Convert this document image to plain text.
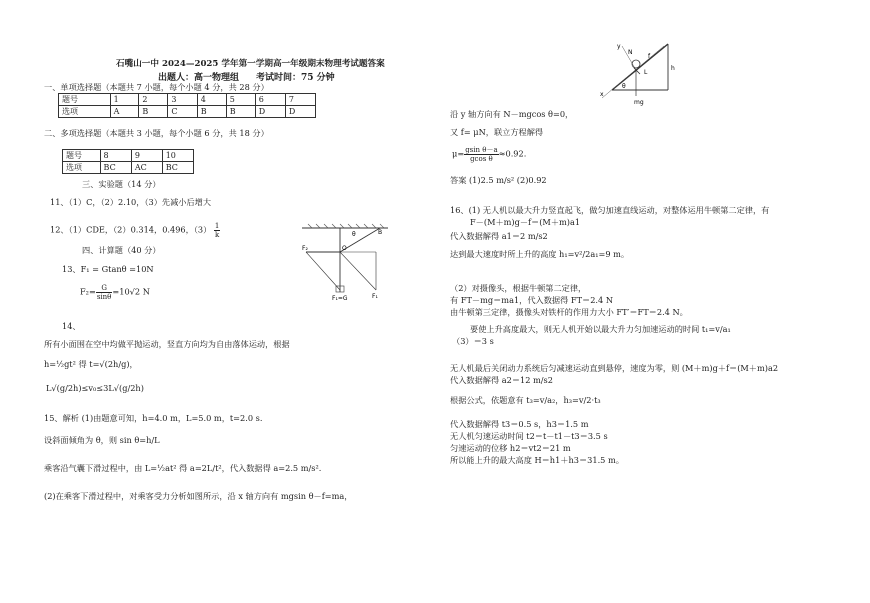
石嘴山一中 2024—2025 学年第一学期高一年级期末物理考试题答案
出题人：高一物理组 考试时间：75 分钟
一、单项选择题（本题共 7 小题，每个小题 4 分，共 28 分）
题号	1	2	3	4	5	6	7
选项	A	B	C	B	B	D	D
二、多项选择题（本题共 3 小题，每个小题 6 分，共 18 分）
题号	8	9	10
选项	BC	AC	BC
三、实验题（14 分）
11、（1）C，（2）2.10，（3）先减小后增大
12、（1）CDE，（2）0.314，0.496，$(3) \frac{1}{k}$
四、计算题（40 分）
13、F₁ = Gtanθ =10N
$F_2= \frac{G}{\sin\theta} =10√2$ N
14、
所有小面围在空中均做平抛运动，竖直方向均为自由落体运动，根据
h=½gt² 得 t=√(2h/g)，
L√(g/2h)≤v₀≤3L√(g/2h)
15、解析 (1)由题意可知，h=4.0 m，L=5.0 m，t=2.0 s.
设斜面倾角为 θ，则 sin θ=h/L
乘客沿气囊下滑过程中，由 L=½at² 得 a=2L/t²，代入数据得 a=2.5 m/s².
(2)在乘客下滑过程中，对乘客受力分析如图所示，沿 x 轴方向有 mgsin θ－f=ma，
θ
F₂	O
B
F₁=G	F₁
y
N
f
L
h
x
θ
mg
沿 y 轴方向有 N－mgcos θ=0，
又 f= μN，联立方程解得
$\mu= \frac{\text{gsin θ－a}}{\text{gcos θ}} \approx 0.92$.
答案 (1)2.5 m/s² (2)0.92
16、(1) 无人机以最大升力竖直起飞，做匀加速直线运动，对整体运用牛顿第二定律，有
F－(M＋m)g－f＝(M＋m)a1
代入数据解得 a1＝2 m/s2
达到最大速度时所上升的高度 h₁=v²/2a₁=9 m。
（2）对摄像头，根据牛顿第二定律，
有 FT－mg＝ma1，代入数据得 FT＝2.4 N
由牛顿第三定律，摄像头对铁杆的作用力大小 FT′＝FT＝2.4 N。
要使上升高度最大，则无人机开始以最大升力匀加速运动的时间 t₁=v/a₁
（3）＝3 s
无人机最后关闭动力系统后匀减速运动直到悬停，速度为零，则 (M＋m)g＋f＝(M＋m)a2
代入数据解得 a2＝12 m/s2
根据公式，依题意有 t₃=v/a₂，h₃=v/2·t₃
代入数据解得 t3＝0.5 s，h3＝1.5 m
无人机匀速运动时间 t2＝t－t1－t3＝3.5 s
匀速运动的位移 h2＝vt2＝21 m
所以能上升的最大高度 H＝h1＋h3＝31.5 m。
